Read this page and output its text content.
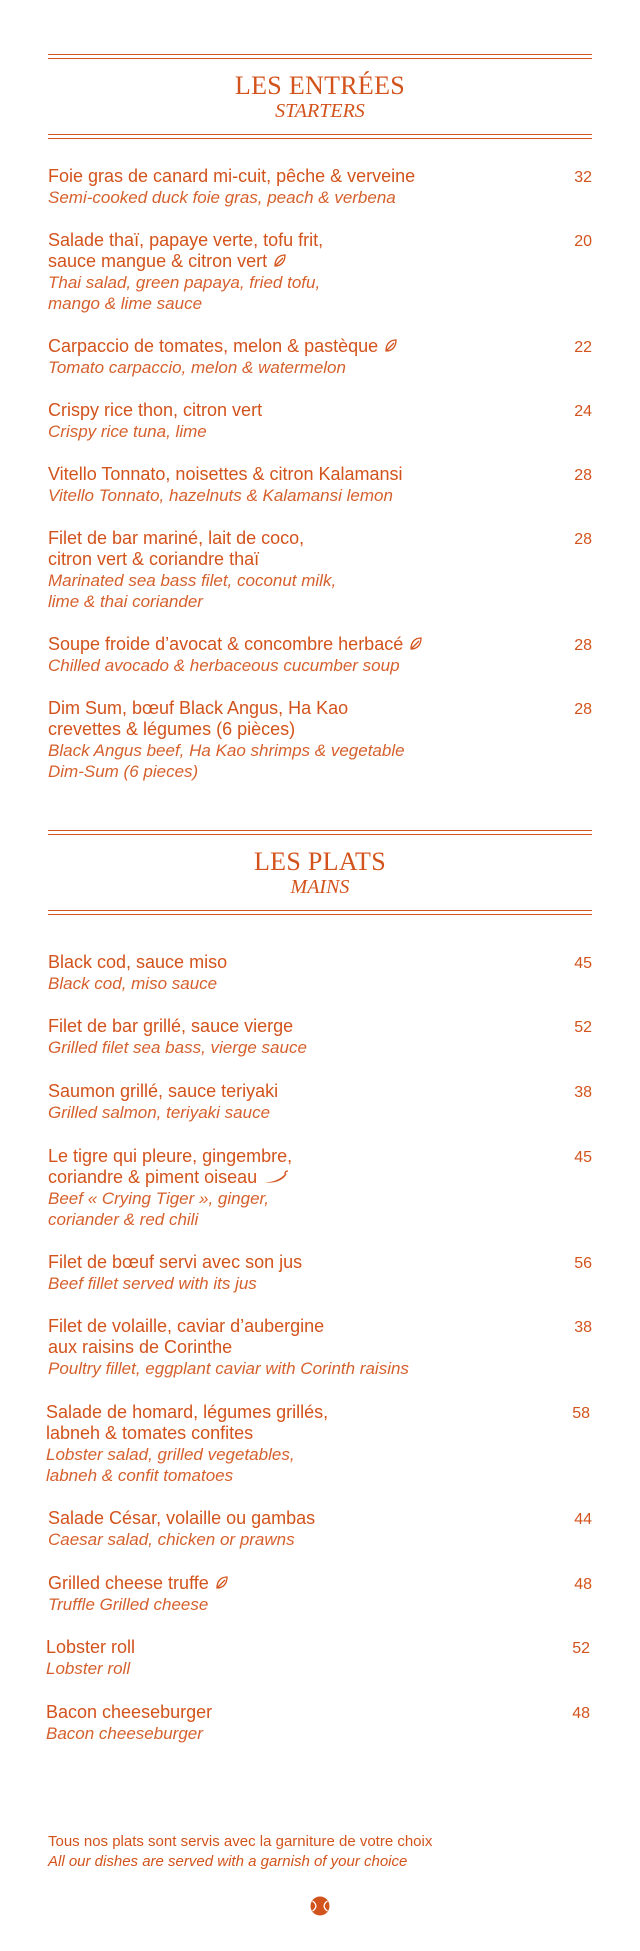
LES ENTRÉES
STARTERS
Foie gras de canard mi-cuit, pêche & verveine
Semi-cooked duck foie gras, peach & verbena
32
Salade thaï, papaye verte, tofu frit,
sauce mangue & citron vert
Thai salad, green papaya, fried tofu,
mango & lime sauce
20
Carpaccio de tomates, melon & pastèque
Tomato carpaccio, melon & watermelon
22
Crispy rice thon, citron vert
Crispy rice tuna, lime
24
Vitello Tonnato, noisettes & citron Kalamansi
Vitello Tonnato, hazelnuts & Kalamansi lemon
28
Filet de bar mariné, lait de coco,
citron vert & coriandre thaï
Marinated sea bass filet, coconut milk,
lime & thai coriander
28
Soupe froide d’avocat & concombre herbacé
Chilled avocado & herbaceous cucumber soup
28
Dim Sum, bœuf Black Angus, Ha Kao
crevettes & légumes (6 pièces)
Black Angus beef, Ha Kao shrimps & vegetable
Dim-Sum (6 pieces)
28
LES PLATS
MAINS
Black cod, sauce miso
Black cod, miso sauce
45
Filet de bar grillé, sauce vierge
Grilled filet sea bass, vierge sauce
52
Saumon grillé, sauce teriyaki
Grilled salmon, teriyaki sauce
38
Le tigre qui pleure, gingembre,
coriandre & piment oiseau
Beef « Crying Tiger », ginger,
coriander & red chili
45
Filet de bœuf servi avec son jus
Beef fillet served with its jus
56
Filet de volaille, caviar d’aubergine
aux raisins de Corinthe
Poultry fillet, eggplant caviar with Corinth raisins
38
Salade de homard, légumes grillés,
labneh & tomates confites
Lobster salad, grilled vegetables,
labneh & confit tomatoes
58
Salade César, volaille ou gambas
Caesar salad, chicken or prawns
44
Grilled cheese truffe
Truffle Grilled cheese
48
Lobster roll
Lobster roll
52
Bacon cheeseburger
Bacon cheeseburger
48
Tous nos plats sont servis avec la garniture de votre choix
All our dishes are served with a garnish of your choice
